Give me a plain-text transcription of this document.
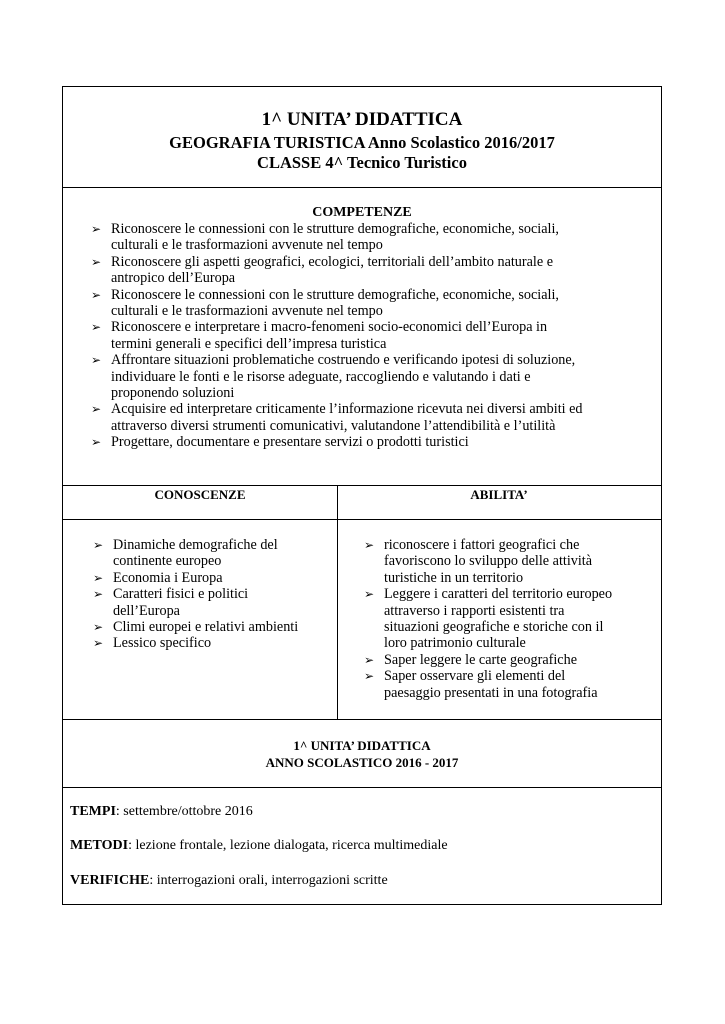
1^ UNITA’ DIDATTICA
GEOGRAFIA TURISTICA Anno Scolastico 2016/2017
CLASSE 4^ Tecnico Turistico
COMPETENZE
➢ Riconoscere le connessioni con le strutture demografiche, economiche, sociali,
culturali e le trasformazioni avvenute nel tempo
➢ Riconoscere gli aspetti geografici, ecologici, territoriali dell’ambito naturale e
antropico dell’Europa
➢ Riconoscere le connessioni con le strutture demografiche, economiche, sociali,
culturali e le trasformazioni avvenute nel tempo
➢ Riconoscere e interpretare i macro-fenomeni socio-economici dell’Europa in
termini generali e specifici dell’impresa turistica
➢ Affrontare situazioni problematiche costruendo e verificando ipotesi di soluzione,
individuare le fonti e le risorse adeguate, raccogliendo e valutando i dati e
proponendo soluzioni
➢ Acquisire ed interpretare criticamente l’informazione ricevuta nei diversi ambiti ed
attraverso diversi strumenti comunicativi, valutandone l’attendibilità e l’utilità
➢ Progettare, documentare e presentare servizi o prodotti turistici
CONOSCENZE	ABILITA’
➢ Dinamiche demografiche del
continente europeo
➢ Economia i Europa
➢ Caratteri fisici e politici
dell’Europa
➢ Climi europei e relativi ambienti
➢ Lessico specifico
➢ riconoscere i fattori geografici che
favoriscono lo sviluppo delle attività
turistiche in un territorio
➢ Leggere i caratteri del territorio europeo
attraverso i rapporti esistenti tra
situazioni geografiche e storiche con il
loro patrimonio culturale
➢ Saper leggere le carte geografiche
➢ Saper osservare gli elementi del
paesaggio presentati in una fotografia
1^ UNITA’ DIDATTICA
ANNO SCOLASTICO 2016 - 2017
TEMPI: settembre/ottobre 2016
METODI: lezione frontale, lezione dialogata, ricerca multimediale
VERIFICHE: interrogazioni orali, interrogazioni scritte
